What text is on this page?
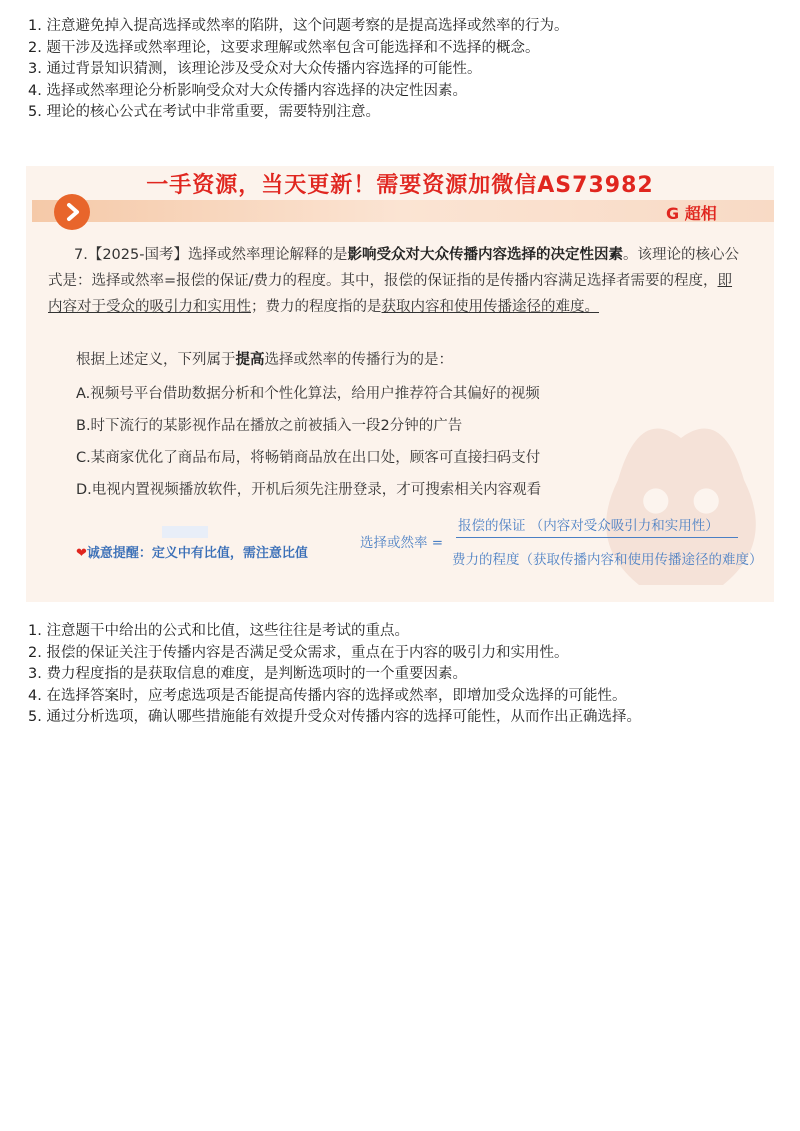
1. 注意避免掉入提高选择或然率的陷阱，这个问题考察的是提高选择或然率的行为。
2. 题干涉及选择或然率理论，这要求理解或然率包含可能选择和不选择的概念。
3. 通过背景知识猜测，该理论涉及受众对大众传播内容选择的可能性。
4. 选择或然率理论分析影响受众对大众传播内容选择的决定性因素。
5. 理论的核心公式在考试中非常重要，需要特别注意。
一手资源，当天更新！需要资源加微信AS73982
G 超相
7.【2025-国考】选择或然率理论解释的是影响受众对大众传播内容选择的决定性因素。该理论的核心公式是：选择或然率=报偿的保证/费力的程度。其中，报偿的保证指的是传播内容满足选择者需要的程度，即内容对于受众的吸引力和实用性；费力的程度指的是获取内容和使用传播途径的难度。
根据上述定义，下列属于提高选择或然率的传播行为的是：
A.视频号平台借助数据分析和个性化算法，给用户推荐符合其偏好的视频
B.时下流行的某影视作品在播放之前被插入一段2分钟的广告
C.某商家优化了商品布局，将畅销商品放在出口处，顾客可直接扫码支付
D.电视内置视频播放软件，开机后须先注册登录，才可搜索相关内容观看
❤诚意提醒：定义中有比值，需注意比值
选择或然率 =
报偿的保证 （内容对受众吸引力和实用性）
费力的程度（获取传播内容和使用传播途径的难度）
1. 注意题干中给出的公式和比值，这些往往是考试的重点。
2. 报偿的保证关注于传播内容是否满足受众需求，重点在于内容的吸引力和实用性。
3. 费力程度指的是获取信息的难度，是判断选项时的一个重要因素。
4. 在选择答案时，应考虑选项是否能提高传播内容的选择或然率，即增加受众选择的可能性。
5. 通过分析选项，确认哪些措施能有效提升受众对传播内容的选择可能性，从而作出正确选择。
